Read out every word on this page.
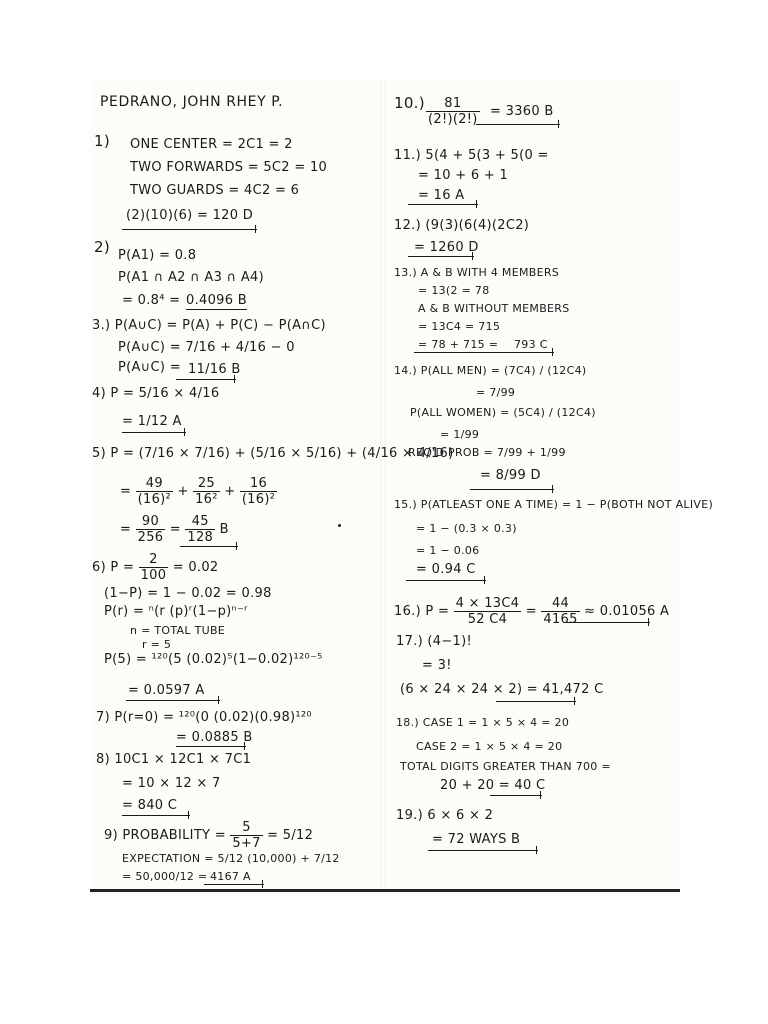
PEDRANO, JOHN RHEY P.
1) ONE CENTER = 2C1 = 2
TWO FORWARDS = 5C2 = 10
TWO GUARDS = 4C2 = 6
(2)(10)(6) = 120 D
2) P(A1) = 0.8
P(A1 ∩ A2 ∩ A3 ∩ A4)
= 0.8⁴ = 0.4096 B
3.) P(A∪C) = P(A) + P(C) − P(A∩C)
P(A∪C) = 7/16 + 4/16 − 0
P(A∪C) = 11/16 B
4) P = 5/16 × 4/16
= 1/12 A
5) P = (7/16 × 7/16) + (5/16 × 5/16) + (4/16 × 4/16)
= $\frac{49}{\text{(16)²}} + \frac{25}{\text{16²}} + \frac{16}{\text{(16)²}}$
= $\frac{90}{256} = \frac{45}{128}$ B
6) $P = \frac{2}{100} = 0.02$
(1−P) = 1 − 0.02 = 0.98
P(r) = ⁿ(r (p)ʳ(1−p)ⁿ⁻ʳ
n = TOTAL TUBE
r = 5
P(5) = ¹²⁰(5 (0.02)⁵(1−0.02)¹²⁰⁻⁵
= 0.0597 A
7) P(r=0) = ¹²⁰(0 (0.02)(0.98)¹²⁰
= 0.0885 B
8) 10C1 × 12C1 × 7C1
= 10 × 12 × 7
= 840 C
9) PROBABILITY = $\frac{5}{5+7} = 5/12$
EXPECTATION = 5/12 (10,000) + 7/12
= 50,000/12 = 4167 A
$10.) \frac{81}{(2!)(2!)} = 3360$ B
11.) 5(4 + 5(3 + 5(0 =
= 10 + 6 + 1
= 16 A
12.) (9(3)(6(4)(2C2)
= 1260 D
13.) A & B WITH 4 MEMBERS
= 13(2 = 78
A & B WITHOUT MEMBERS
= 13C4 = 715
= 78 + 715 = 793 C
14.) P(ALL MEN) = (7C4) / (12C4)
= 7/99
P(ALL WOMEN) = (5C4) / (12C4)
= 1/99
REQ'D PROB = 7/99 + 1/99
= 8/99 D
15.) P(ATLEAST ONE A TIME) = 1 − P(BOTH NOT ALIVE)
= 1 − (0.3 × 0.3)
= 1 − 0.06
= 0.94 C
16.) $P = \frac{4 \times 13C4}{52 C4} = \frac{44}{4165} \approx 0.01056$ A
17.) (4−1)!
= 3!
(6 × 24 × 24 × 2) = 41,472 C
18.) CASE 1 = 1 × 5 × 4 = 20
CASE 2 = 1 × 5 × 4 = 20
TOTAL DIGITS GREATER THAN 700 =
20 + 20 = 40 C
19.) 6 × 6 × 2
= 72 WAYS B
